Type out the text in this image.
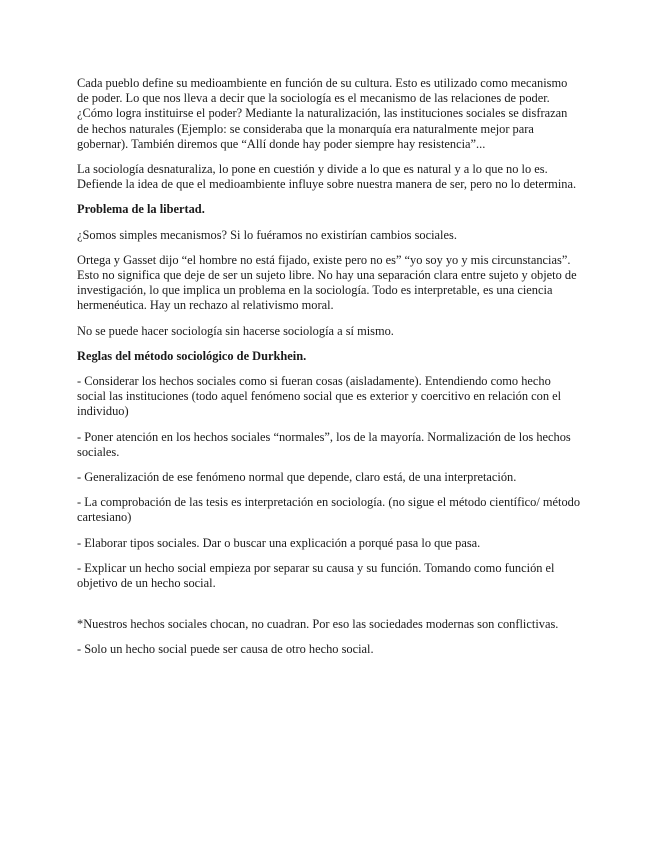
Cada pueblo define su medioambiente en función de su cultura. Esto es utilizado como mecanismo de poder. Lo que nos lleva a decir que la sociología es el mecanismo de las relaciones de poder. ¿Cómo logra instituirse el poder? Mediante la naturalización, las instituciones sociales se disfrazan de hechos naturales (Ejemplo: se consideraba que la monarquía era naturalmente mejor para gobernar). También diremos que “Allí donde hay poder siempre hay resistencia”...

La sociología desnaturaliza, lo pone en cuestión y divide a lo que es natural y a lo que no lo es. Defiende la idea de que el medioambiente influye sobre nuestra manera de ser, pero no lo determina.

Problema de la libertad.

¿Somos simples mecanismos? Si lo fuéramos no existirían cambios sociales.

Ortega y Gasset dijo “el hombre no está fijado, existe pero no es” “yo soy yo y mis circunstancias”. Esto no significa que deje de ser un sujeto libre. No hay una separación clara entre sujeto y objeto de investigación, lo que implica un problema en la sociología. Todo es interpretable, es una ciencia hermenéutica. Hay un rechazo al relativismo moral.

No se puede hacer sociología sin hacerse sociología a sí mismo.

Reglas del método sociológico de Durkhein.

- Considerar los hechos sociales como si fueran cosas (aisladamente). Entendiendo como hecho social las instituciones (todo aquel fenómeno social que es exterior y coercitivo en relación con el individuo)

- Poner atención en los hechos sociales “normales”, los de la mayoría. Normalización de los hechos sociales.

- Generalización de ese fenómeno normal que depende, claro está, de una interpretación.

- La comprobación de las tesis es interpretación en sociología. (no sigue el método científico/ método cartesiano)

- Elaborar tipos sociales. Dar o buscar una explicación a porqué pasa lo que pasa.

- Explicar un hecho social empieza por separar su causa y su función. Tomando como función el objetivo de un hecho social.

*Nuestros hechos sociales chocan, no cuadran. Por eso las sociedades modernas son conflictivas.

- Solo un hecho social puede ser causa de otro hecho social.
